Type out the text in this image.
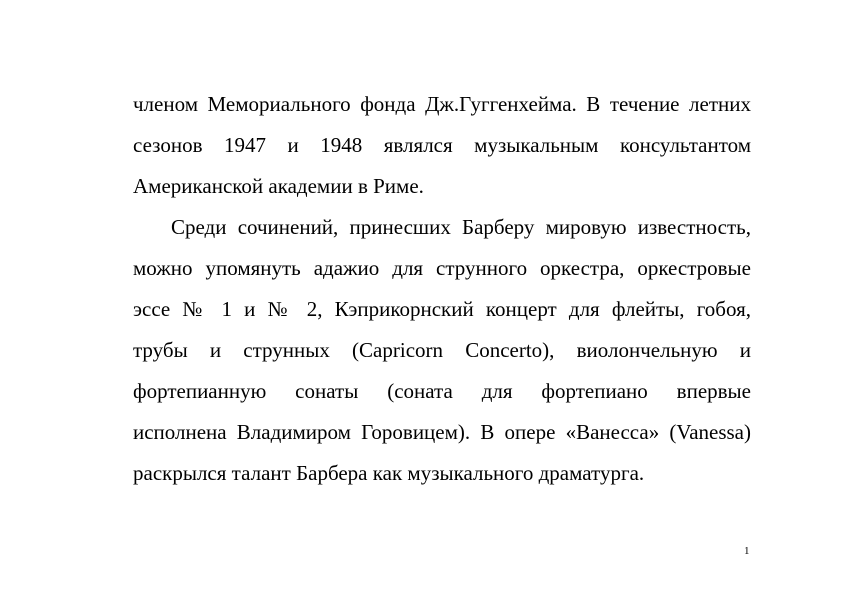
членом Мемориального фонда Дж.Гуггенхейма. В течение летних
сезонов 1947 и 1948 являлся музыкальным консультантом
Американской академии в Риме.
Среди сочинений, принесших Барберу мировую известность,
можно упомянуть адажио для струнного оркестра, оркестровые
эссе № 1 и № 2, Кэприкорнский концерт для флейты, гобоя,
трубы и струнных (Capricorn Concerto), виолончельную и
фортепианную сонаты (соната для фортепиано впервые
исполнена Владимиром Горовицем). В опере «Ванесса» (Vanessa)
раскрылся талант Барбера как музыкального драматурга.
1
